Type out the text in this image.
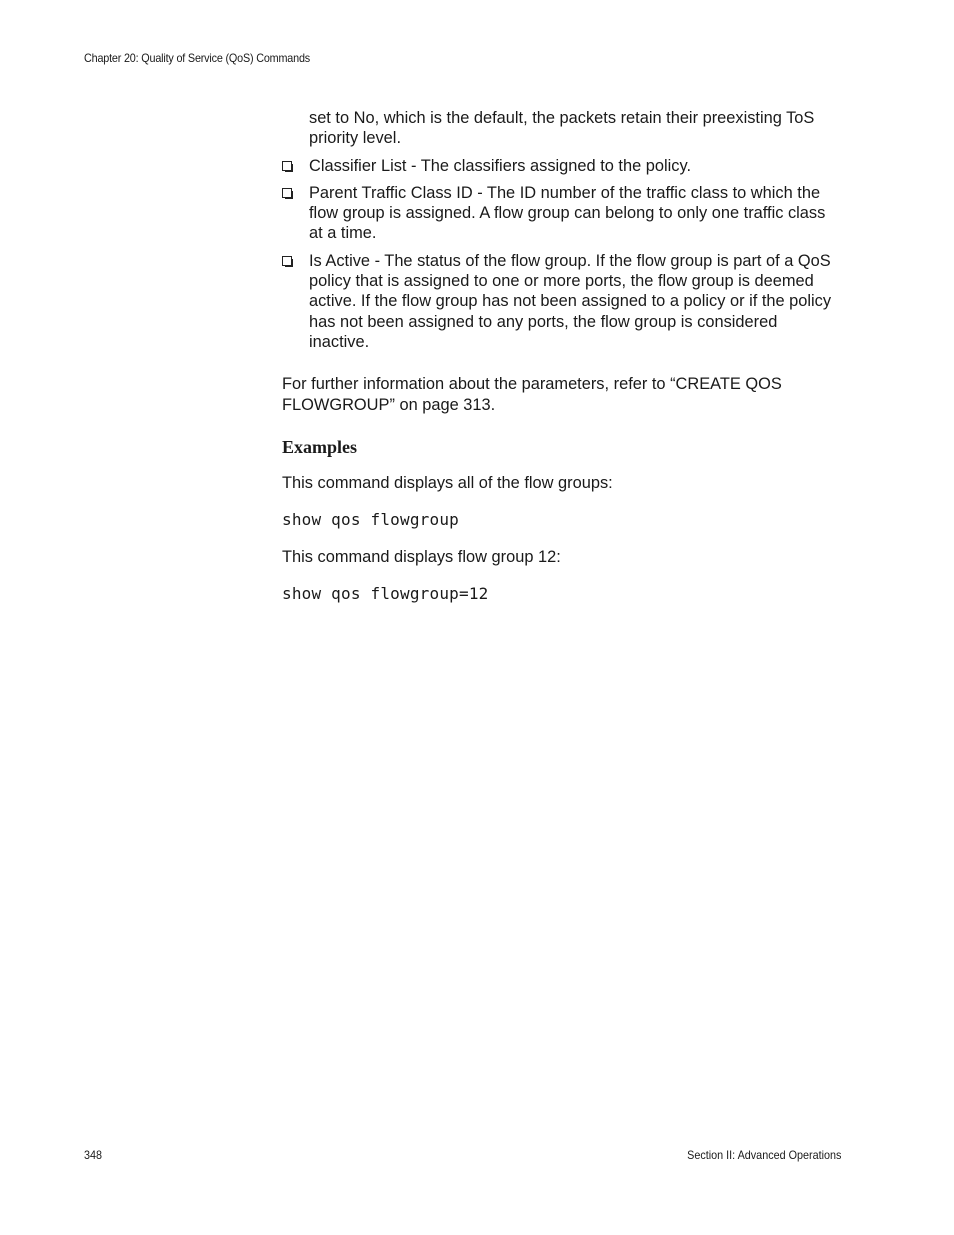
Chapter 20: Quality of Service (QoS) Commands

set to No, which is the default, the packets retain their preexisting ToS priority level.

Classifier List - The classifiers assigned to the policy.
Parent Traffic Class ID - The ID number of the traffic class to which the flow group is assigned. A flow group can belong to only one traffic class at a time.
Is Active - The status of the flow group. If the flow group is part of a QoS policy that is assigned to one or more ports, the flow group is deemed active. If the flow group has not been assigned to a policy or if the policy has not been assigned to any ports, the flow group is considered inactive.

For further information about the parameters, refer to “CREATE QOS FLOWGROUP” on page 313.

Examples

This command displays all of the flow groups:

show qos flowgroup

This command displays flow group 12:

show qos flowgroup=12
348	Section II: Advanced Operations
